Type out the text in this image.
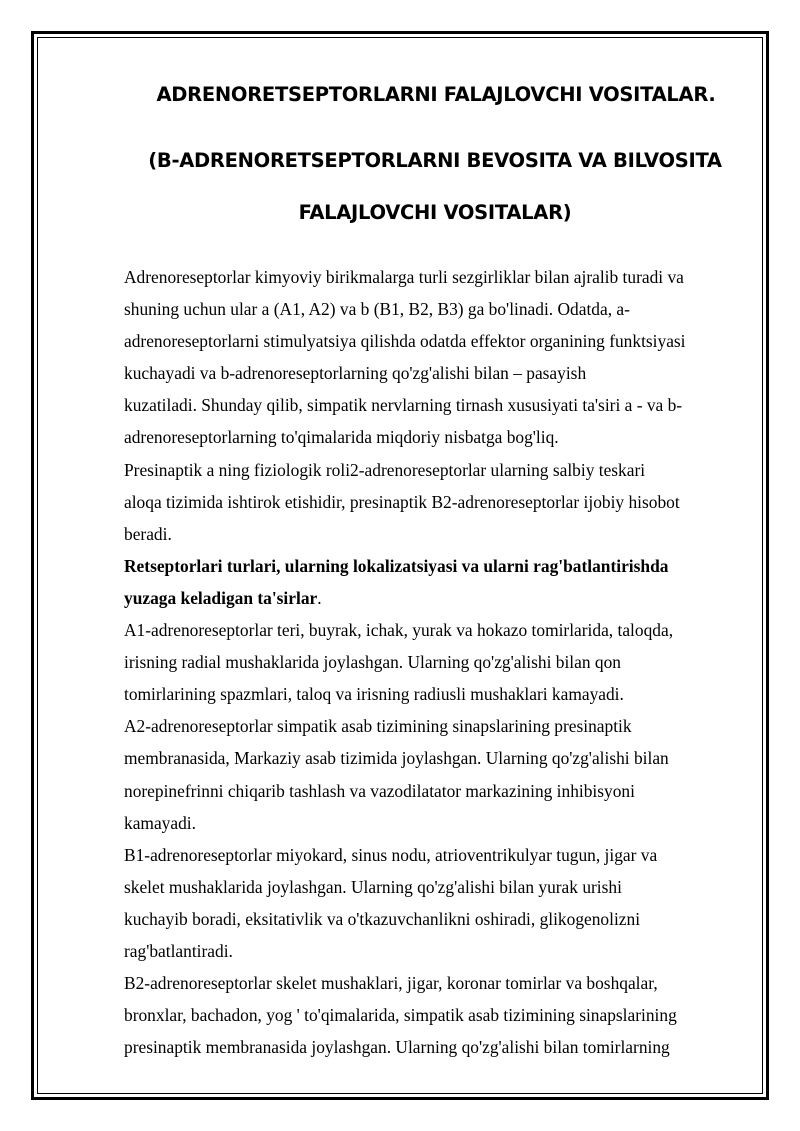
ADRENORETSEPTORLARNI FALAJLOVCHI VOSITALAR.
(B-ADRENORETSEPTORLARNI BEVOSITA VA BILVOSITA
FALAJLOVCHI VOSITALAR)
Adrenoreseptorlar kimyoviy birikmalarga turli sezgirliklar bilan ajralib turadi va
shuning uchun ular a (A1, A2) va b (B1, B2, B3) ga bo'linadi. Odatda, a-
adrenoreseptorlarni stimulyatsiya qilishda odatda effektor organining funktsiyasi
kuchayadi va b-adrenoreseptorlarning qo'zg'alishi bilan – pasayish
kuzatiladi. Shunday qilib, simpatik nervlarning tirnash xususiyati ta'siri a - va b-
adrenoreseptorlarning to'qimalarida miqdoriy nisbatga bog'liq.
Presinaptik a ning fiziologik roli2-adrenoreseptorlar ularning salbiy teskari
aloqa tizimida ishtirok etishidir, presinaptik B2-adrenoreseptorlar ijobiy hisobot
beradi.
Retseptorlari turlari, ularning lokalizatsiyasi va ularni rag'batlantirishda
yuzaga keladigan ta'sirlar.
A1-adrenoreseptorlar teri, buyrak, ichak, yurak va hokazo tomirlarida, taloqda,
irisning radial mushaklarida joylashgan. Ularning qo'zg'alishi bilan qon
tomirlarining spazmlari, taloq va irisning radiusli mushaklari kamayadi.
A2-adrenoreseptorlar simpatik asab tizimining sinapslarining presinaptik
membranasida, Markaziy asab tizimida joylashgan. Ularning qo'zg'alishi bilan
norepinefrinni chiqarib tashlash va vazodilatator markazining inhibisyoni
kamayadi.
B1-adrenoreseptorlar miyokard, sinus nodu, atrioventrikulyar tugun, jigar va
skelet mushaklarida joylashgan. Ularning qo'zg'alishi bilan yurak urishi
kuchayib boradi, eksitativlik va o'tkazuvchanlikni oshiradi, glikogenolizni
rag'batlantiradi.
B2-adrenoreseptorlar skelet mushaklari, jigar, koronar tomirlar va boshqalar,
bronxlar, bachadon, yog ' to'qimalarida, simpatik asab tizimining sinapslarining
presinaptik membranasida joylashgan. Ularning qo'zg'alishi bilan tomirlarning
